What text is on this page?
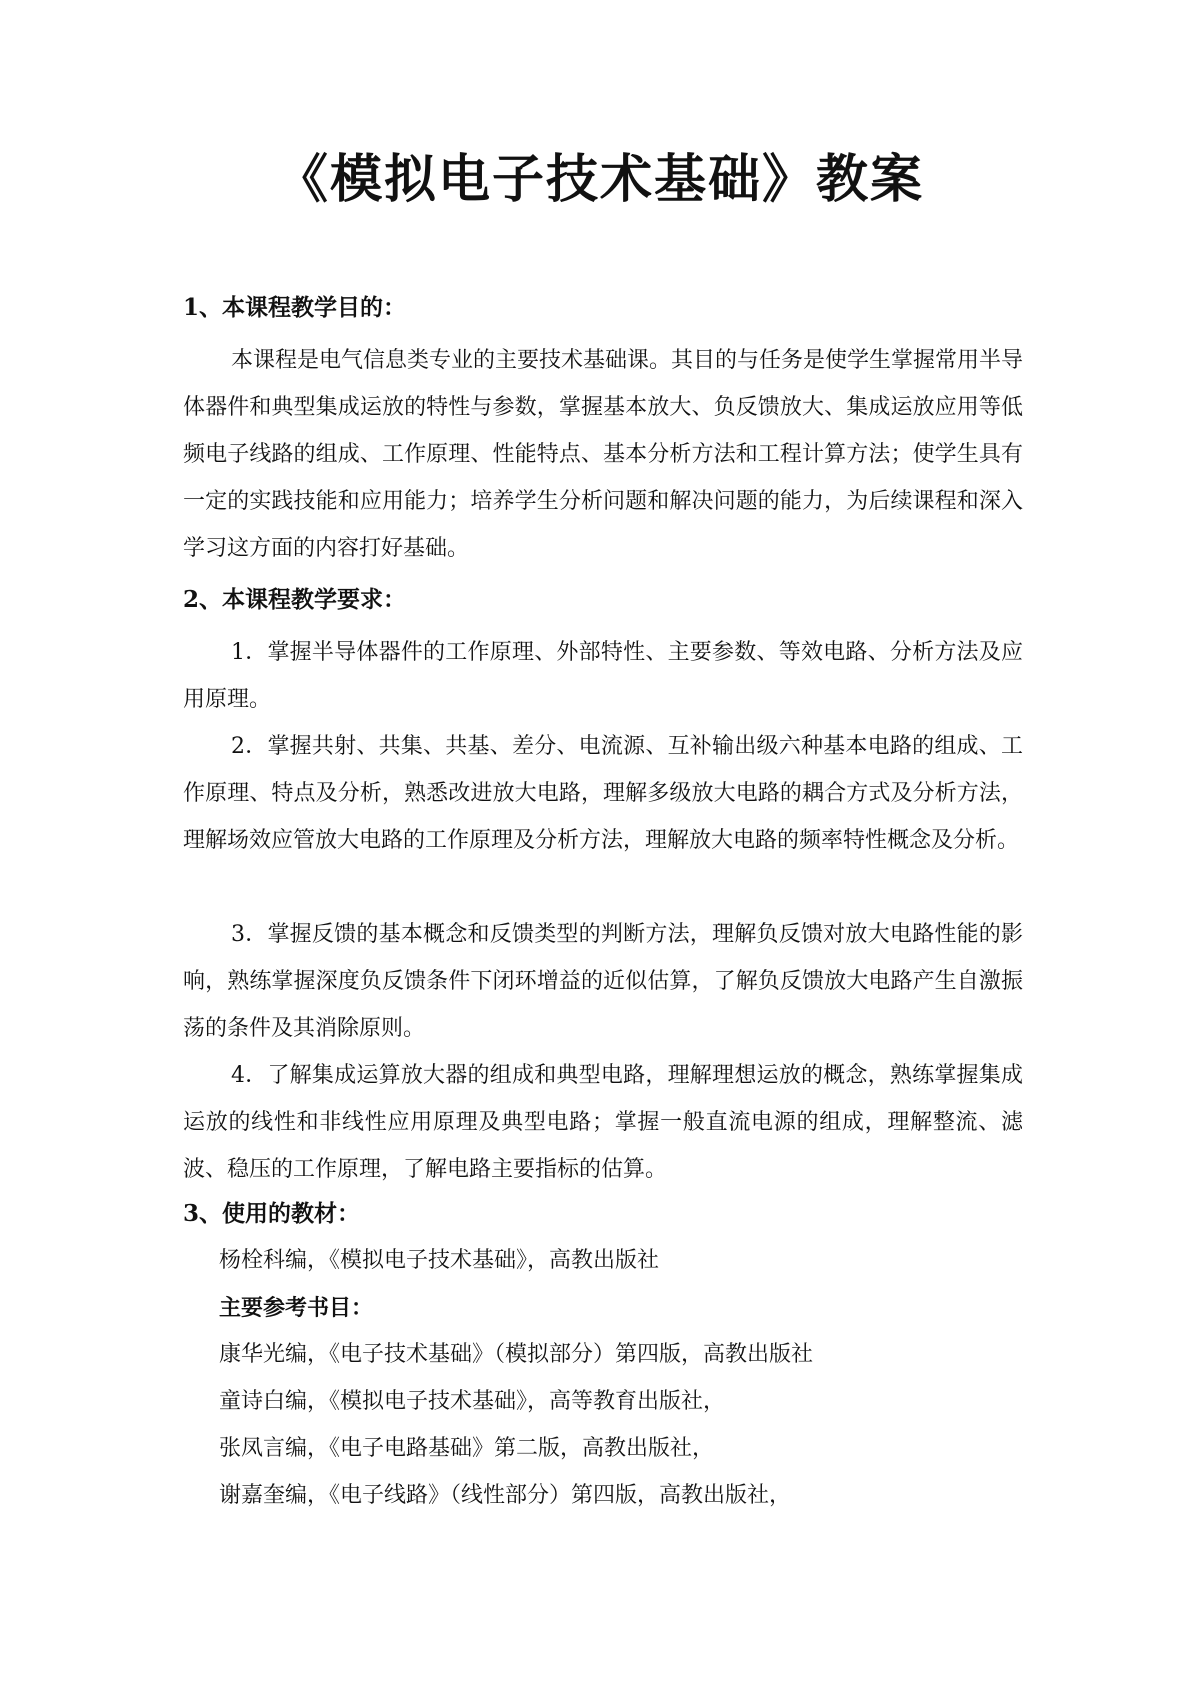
《模拟电子技术基础》教案
1、本课程教学目的：
本课程是电气信息类专业的主要技术基础课。其目的与任务是使学生掌握常用半导体器件和典型集成运放的特性与参数，掌握基本放大、负反馈放大、集成运放应用等低频电子线路的组成、工作原理、性能特点、基本分析方法和工程计算方法；使学生具有一定的实践技能和应用能力；培养学生分析问题和解决问题的能力，为后续课程和深入学习这方面的内容打好基础。
2、本课程教学要求：
1．掌握半导体器件的工作原理、外部特性、主要参数、等效电路、分析方法及应用原理。
2．掌握共射、共集、共基、差分、电流源、互补输出级六种基本电路的组成、工作原理、特点及分析，熟悉改进放大电路，理解多级放大电路的耦合方式及分析方法，理解场效应管放大电路的工作原理及分析方法，理解放大电路的频率特性概念及分析。
3．掌握反馈的基本概念和反馈类型的判断方法，理解负反馈对放大电路性能的影响，熟练掌握深度负反馈条件下闭环增益的近似估算，了解负反馈放大电路产生自激振荡的条件及其消除原则。
4．了解集成运算放大器的组成和典型电路，理解理想运放的概念，熟练掌握集成运放的线性和非线性应用原理及典型电路；掌握一般直流电源的组成，理解整流、滤波、稳压的工作原理，了解电路主要指标的估算。
3、使用的教材：
杨栓科编，《模拟电子技术基础》，高教出版社
主要参考书目：
康华光编，《电子技术基础》（模拟部分）第四版，高教出版社
童诗白编，《模拟电子技术基础》，高等教育出版社，
张凤言编，《电子电路基础》第二版，高教出版社，
谢嘉奎编，《电子线路》（线性部分）第四版，高教出版社，
